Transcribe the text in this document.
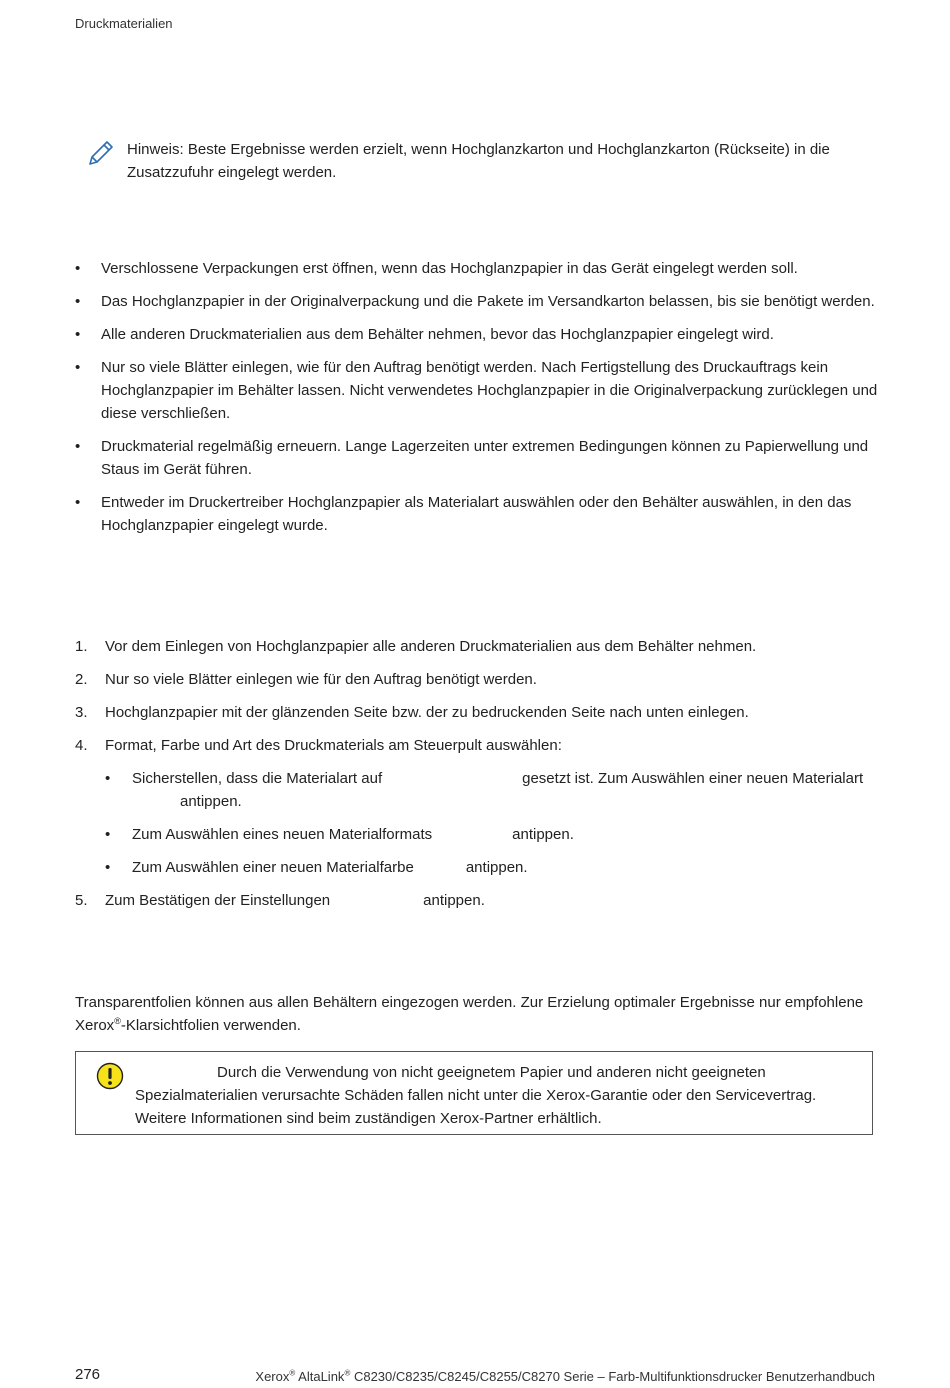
Druckmaterialien
Hinweis: Beste Ergebnisse werden erzielt, wenn Hochglanzkarton und Hochglanzkarton (Rückseite) in die Zusatzzufuhr eingelegt werden.
• Verschlossene Verpackungen erst öffnen, wenn das Hochglanzpapier in das Gerät eingelegt werden soll.
• Das Hochglanzpapier in der Originalverpackung und die Pakete im Versandkarton belassen, bis sie benötigt werden.
• Alle anderen Druckmaterialien aus dem Behälter nehmen, bevor das Hochglanzpapier eingelegt wird.
• Nur so viele Blätter einlegen, wie für den Auftrag benötigt werden. Nach Fertigstellung des Druckauftrags kein Hochglanzpapier im Behälter lassen. Nicht verwendetes Hochglanzpapier in die Originalverpackung zurücklegen und diese verschließen.
• Druckmaterial regelmäßig erneuern. Lange Lagerzeiten unter extremen Bedingungen können zu Papierwellung und Staus im Gerät führen.
• Entweder im Druckertreiber Hochglanzpapier als Materialart auswählen oder den Behälter auswählen, in den das Hochglanzpapier eingelegt wurde.
1. Vor dem Einlegen von Hochglanzpapier alle anderen Druckmaterialien aus dem Behälter nehmen.
2. Nur so viele Blätter einlegen wie für den Auftrag benötigt werden.
3. Hochglanzpapier mit der glänzenden Seite bzw. der zu bedruckenden Seite nach unten einlegen.
4. Format, Farbe und Art des Druckmaterials am Steuerpult auswählen:
• Sicherstellen, dass die Materialart auf	gesetzt ist. Zum Auswählen einer neuen Materialartantippen.
• Zum Auswählen eines neuen Materialformats	antippen.
• Zum Auswählen einer neuen Materialfarbe	antippen.
5. Zum Bestätigen der Einstellungen	antippen.
Transparentfolien können aus allen Behältern eingezogen werden. Zur Erzielung optimaler Ergebnisse nur empfohlene Xerox®-Klarsichtfolien verwenden.
Durch die Verwendung von nicht geeignetem Papier und anderen nicht geeigneten Spezialmaterialien verursachte Schäden fallen nicht unter die Xerox-Garantie oder den Servicevertrag. Weitere Informationen sind beim zuständigen Xerox-Partner erhältlich.
276	Xerox® AltaLink® C8230/C8235/C8245/C8255/C8270 Serie – Farb-Multifunktionsdrucker Benutzerhandbuch
